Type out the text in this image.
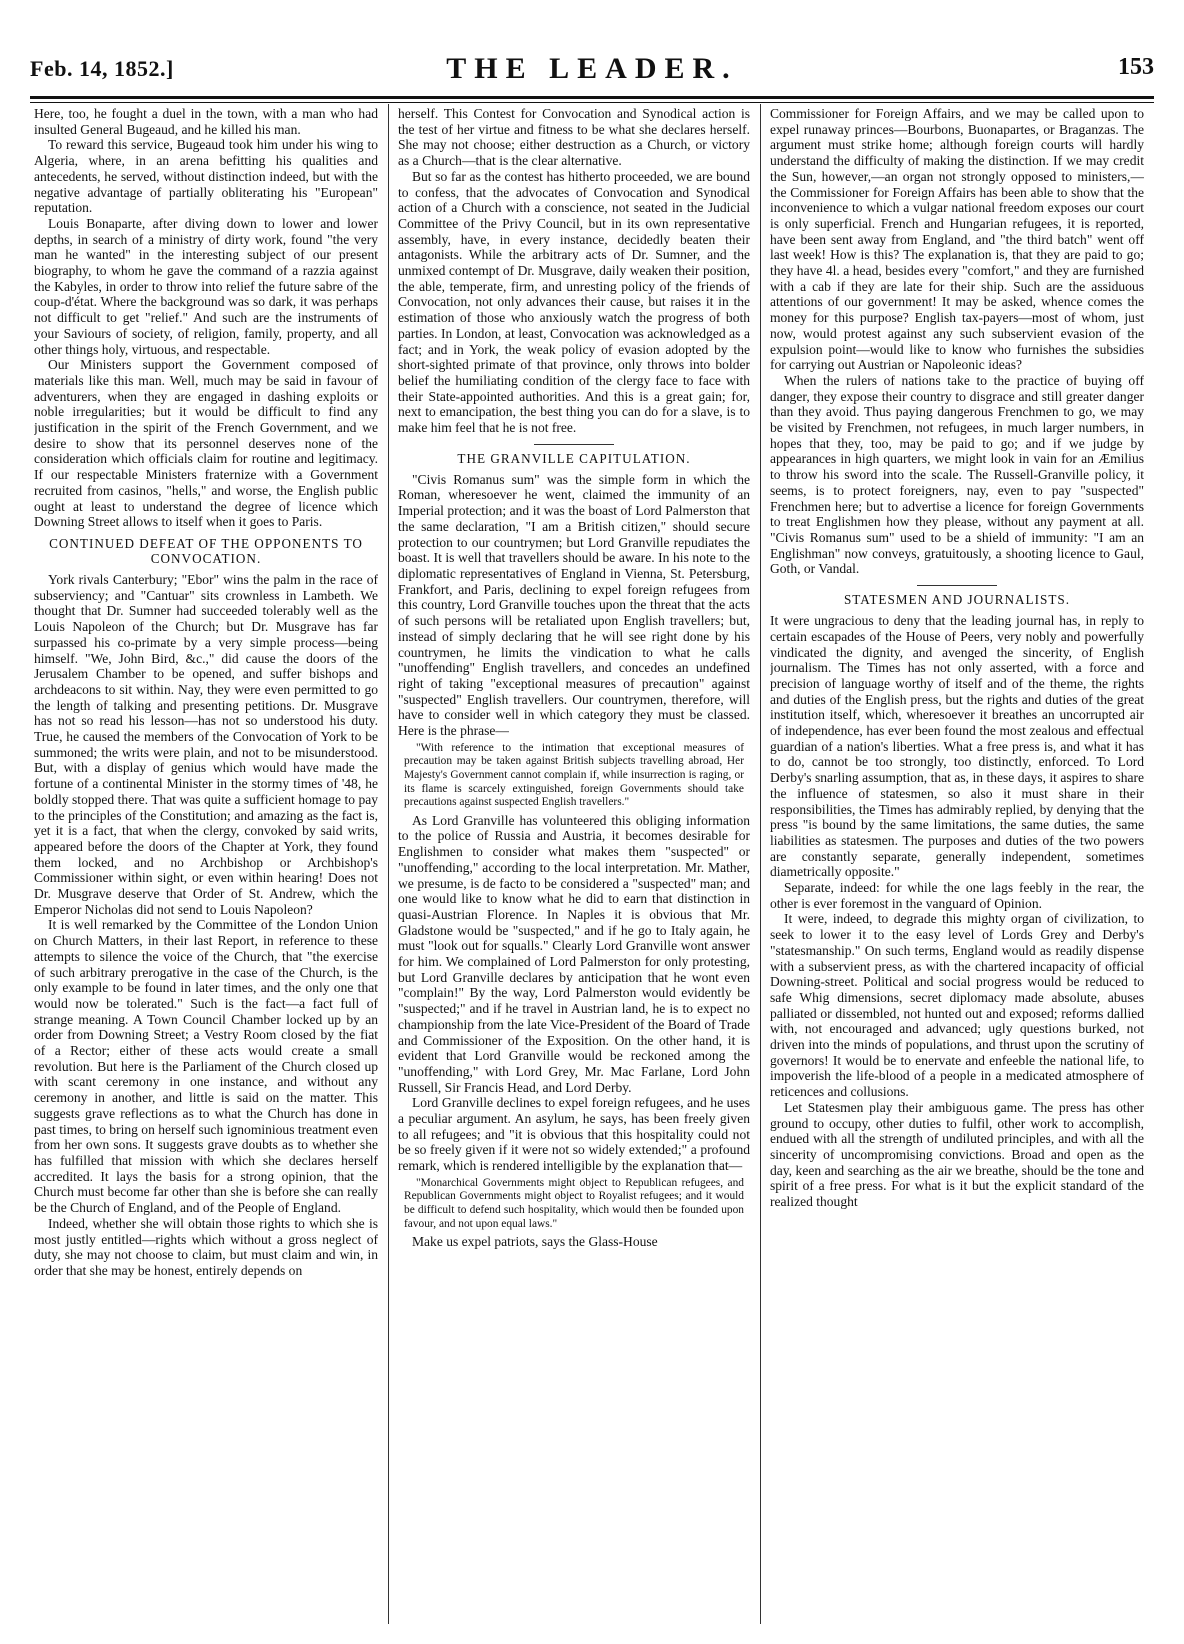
Feb. 14, 1852.]	THE LEADER.	153

Here, too, he fought a duel in the town, with a man who had insulted General Bugeaud, and he killed his man.

To reward this service, Bugeaud took him under his wing to Algeria, where, in an arena befitting his qualities and antecedents, he served, without distinction indeed, but with the negative advantage of partially obliterating his "European" reputation.

Louis Bonaparte, after diving down to lower and lower depths, in search of a ministry of dirty work, found "the very man he wanted" in the interesting subject of our present biography, to whom he gave the command of a razzia against the Kabyles, in order to throw into relief the future sabre of the coup-d'état. Where the background was so dark, it was perhaps not difficult to get "relief." And such are the instruments of your Saviours of society, of religion, family, property, and all other things holy, virtuous, and respectable.

Our Ministers support the Government composed of materials like this man. Well, much may be said in favour of adventurers, when they are engaged in dashing exploits or noble irregularities; but it would be difficult to find any justification in the spirit of the French Government, and we desire to show that its personnel deserves none of the consideration which officials claim for routine and legitimacy. If our respectable Ministers fraternize with a Government recruited from casinos, "hells," and worse, the English public ought at least to understand the degree of licence which Downing Street allows to itself when it goes to Paris.

CONTINUED DEFEAT OF THE OPPONENTS TO CONVOCATION.

York rivals Canterbury; "Ebor" wins the palm in the race of subserviency; and "Cantuar" sits crownless in Lambeth. We thought that Dr. Sumner had succeeded tolerably well as the Louis Napoleon of the Church; but Dr. Musgrave has far surpassed his co-primate by a very simple process—being himself. "We, John Bird, &c.," did cause the doors of the Jerusalem Chamber to be opened, and suffer bishops and archdeacons to sit within. Nay, they were even permitted to go the length of talking and presenting petitions. Dr. Musgrave has not so read his lesson—has not so understood his duty. True, he caused the members of the Convocation of York to be summoned; the writs were plain, and not to be misunderstood. But, with a display of genius which would have made the fortune of a continental Minister in the stormy times of '48, he boldly stopped there. That was quite a sufficient homage to pay to the principles of the Constitution; and amazing as the fact is, yet it is a fact, that when the clergy, convoked by said writs, appeared before the doors of the Chapter at York, they found them locked, and no Archbishop or Archbishop's Commissioner within sight, or even within hearing! Does not Dr. Musgrave deserve that Order of St. Andrew, which the Emperor Nicholas did not send to Louis Napoleon?

It is well remarked by the Committee of the London Union on Church Matters, in their last Report, in reference to these attempts to silence the voice of the Church, that "the exercise of such arbitrary prerogative in the case of the Church, is the only example to be found in later times, and the only one that would now be tolerated." Such is the fact—a fact full of strange meaning. A Town Council Chamber locked up by an order from Downing Street; a Vestry Room closed by the fiat of a Rector; either of these acts would create a small revolution. But here is the Parliament of the Church closed up with scant ceremony in one instance, and without any ceremony in another, and little is said on the matter. This suggests grave reflections as to what the Church has done in past times, to bring on herself such ignominious treatment even from her own sons. It suggests grave doubts as to whether she has fulfilled that mission with which she declares herself accredited. It lays the basis for a strong opinion, that the Church must become far other than she is before she can really be the Church of England, and of the People of England.

Indeed, whether she will obtain those rights to which she is most justly entitled—rights which without a gross neglect of duty, she may not choose to claim, but must claim and win, in order that she may be honest, entirely depends on

herself. This Contest for Convocation and Synodical action is the test of her virtue and fitness to be what she declares herself. She may not choose; either destruction as a Church, or victory as a Church—that is the clear alternative.

But so far as the contest has hitherto proceeded, we are bound to confess, that the advocates of Convocation and Synodical action of a Church with a conscience, not seated in the Judicial Committee of the Privy Council, but in its own representative assembly, have, in every instance, decidedly beaten their antagonists. While the arbitrary acts of Dr. Sumner, and the unmixed contempt of Dr. Musgrave, daily weaken their position, the able, temperate, firm, and unresting policy of the friends of Convocation, not only advances their cause, but raises it in the estimation of those who anxiously watch the progress of both parties. In London, at least, Convocation was acknowledged as a fact; and in York, the weak policy of evasion adopted by the short-sighted primate of that province, only throws into bolder belief the humiliating condition of the clergy face to face with their State-appointed authorities. And this is a great gain; for, next to emancipation, the best thing you can do for a slave, is to make him feel that he is not free.

THE GRANVILLE CAPITULATION.

"Civis Romanus sum" was the simple form in which the Roman, wheresoever he went, claimed the immunity of an Imperial protection; and it was the boast of Lord Palmerston that the same declaration, "I am a British citizen," should secure protection to our countrymen; but Lord Granville repudiates the boast. It is well that travellers should be aware. In his note to the diplomatic representatives of England in Vienna, St. Petersburg, Frankfort, and Paris, declining to expel foreign refugees from this country, Lord Granville touches upon the threat that the acts of such persons will be retaliated upon English travellers; but, instead of simply declaring that he will see right done by his countrymen, he limits the vindication to what he calls "unoffending" English travellers, and concedes an undefined right of taking "exceptional measures of precaution" against "suspected" English travellers. Our countrymen, therefore, will have to consider well in which category they must be classed. Here is the phrase—

"With reference to the intimation that exceptional measures of precaution may be taken against British subjects travelling abroad, Her Majesty's Government cannot complain if, while insurrection is raging, or its flame is scarcely extinguished, foreign Governments should take precautions against suspected English travellers."

As Lord Granville has volunteered this obliging information to the police of Russia and Austria, it becomes desirable for Englishmen to consider what makes them "suspected" or "unoffending," according to the local interpretation. Mr. Mather, we presume, is de facto to be considered a "suspected" man; and one would like to know what he did to earn that distinction in quasi-Austrian Florence. In Naples it is obvious that Mr. Gladstone would be "suspected," and if he go to Italy again, he must "look out for squalls." Clearly Lord Granville wont answer for him. We complained of Lord Palmerston for only protesting, but Lord Granville declares by anticipation that he wont even "complain!" By the way, Lord Palmerston would evidently be "suspected;" and if he travel in Austrian land, he is to expect no championship from the late Vice-President of the Board of Trade and Commissioner of the Exposition. On the other hand, it is evident that Lord Granville would be reckoned among the "unoffending," with Lord Grey, Mr. Mac Farlane, Lord John Russell, Sir Francis Head, and Lord Derby.

Lord Granville declines to expel foreign refugees, and he uses a peculiar argument. An asylum, he says, has been freely given to all refugees; and "it is obvious that this hospitality could not be so freely given if it were not so widely extended;" a profound remark, which is rendered intelligible by the explanation that—

"Monarchical Governments might object to Republican refugees, and Republican Governments might object to Royalist refugees; and it would be difficult to defend such hospitality, which would then be founded upon favour, and not upon equal laws."

Make us expel patriots, says the Glass-House

Commissioner for Foreign Affairs, and we may be called upon to expel runaway princes—Bourbons, Buonapartes, or Braganzas. The argument must strike home; although foreign courts will hardly understand the difficulty of making the distinction. If we may credit the Sun, however,—an organ not strongly opposed to ministers,—the Commissioner for Foreign Affairs has been able to show that the inconvenience to which a vulgar national freedom exposes our court is only superficial. French and Hungarian refugees, it is reported, have been sent away from England, and "the third batch" went off last week! How is this? The explanation is, that they are paid to go; they have 4l. a head, besides every "comfort," and they are furnished with a cab if they are late for their ship. Such are the assiduous attentions of our government! It may be asked, whence comes the money for this purpose? English tax-payers—most of whom, just now, would protest against any such subservient evasion of the expulsion point—would like to know who furnishes the subsidies for carrying out Austrian or Napoleonic ideas?

When the rulers of nations take to the practice of buying off danger, they expose their country to disgrace and still greater danger than they avoid. Thus paying dangerous Frenchmen to go, we may be visited by Frenchmen, not refugees, in much larger numbers, in hopes that they, too, may be paid to go; and if we judge by appearances in high quarters, we might look in vain for an Æmilius to throw his sword into the scale. The Russell-Granville policy, it seems, is to protect foreigners, nay, even to pay "suspected" Frenchmen here; but to advertise a licence for foreign Governments to treat Englishmen how they please, without any payment at all. "Civis Romanus sum" used to be a shield of immunity: "I am an Englishman" now conveys, gratuitously, a shooting licence to Gaul, Goth, or Vandal.

STATESMEN AND JOURNALISTS.

It were ungracious to deny that the leading journal has, in reply to certain escapades of the House of Peers, very nobly and powerfully vindicated the dignity, and avenged the sincerity, of English journalism. The Times has not only asserted, with a force and precision of language worthy of itself and of the theme, the rights and duties of the English press, but the rights and duties of the great institution itself, which, wheresoever it breathes an uncorrupted air of independence, has ever been found the most zealous and effectual guardian of a nation's liberties. What a free press is, and what it has to do, cannot be too strongly, too distinctly, enforced. To Lord Derby's snarling assumption, that as, in these days, it aspires to share the influence of statesmen, so also it must share in their responsibilities, the Times has admirably replied, by denying that the press "is bound by the same limitations, the same duties, the same liabilities as statesmen. The purposes and duties of the two powers are constantly separate, generally independent, sometimes diametrically opposite."

Separate, indeed: for while the one lags feebly in the rear, the other is ever foremost in the vanguard of Opinion.

It were, indeed, to degrade this mighty organ of civilization, to seek to lower it to the easy level of Lords Grey and Derby's "statesmanship." On such terms, England would as readily dispense with a subservient press, as with the chartered incapacity of official Downing-street. Political and social progress would be reduced to safe Whig dimensions, secret diplomacy made absolute, abuses palliated or dissembled, not hunted out and exposed; reforms dallied with, not encouraged and advanced; ugly questions burked, not driven into the minds of populations, and thrust upon the scrutiny of governors! It would be to enervate and enfeeble the national life, to impoverish the life-blood of a people in a medicated atmosphere of reticences and collusions.

Let Statesmen play their ambiguous game. The press has other ground to occupy, other duties to fulfil, other work to accomplish, endued with all the strength of undiluted principles, and with all the sincerity of uncompromising convictions. Broad and open as the day, keen and searching as the air we breathe, should be the tone and spirit of a free press. For what is it but the explicit standard of the realized thought
